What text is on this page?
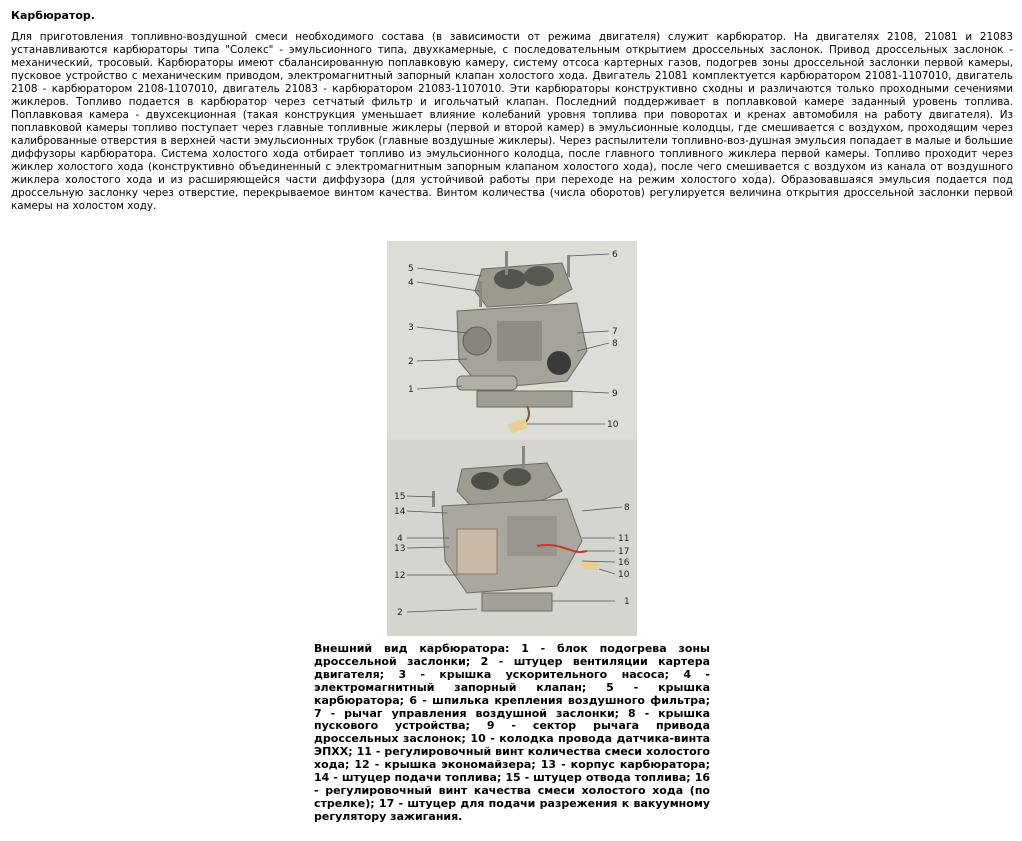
Карбюратор.

Для приготовления топливно-воздушной смеси необходимого состава (в зависимости от режима двигателя) служит карбюратор. На двигателях 2108, 21081 и 21083 устанавливаются карбюраторы типа "Солекс" - эмульсионного типа, двухкамерные, с последовательным открытием дроссельных заслонок. Привод дроссельных заслонок - механический, тросовый. Карбюраторы имеют сбалансированную поплавковую камеру, систему отсоса картерных газов, подогрев зоны дроссельной заслонки первой камеры, пусковое устройство с механическим приводом, электромагнитный запорный клапан холостого хода. Двигатель 21081 комплектуется карбюратором 21081-1107010, двигатель 2108 - карбюратором 2108-1107010, двигатель 21083 - карбюратором 21083-1107010. Эти карбюраторы конструктивно сходны и различаются только проходными сечениями жиклеров. Топливо подается в карбюратор через сетчатый фильтр и игольчатый клапан. Последний поддерживает в поплавковой камере заданный уровень топлива. Поплавковая камера - двухсекционная (такая конструкция уменьшает влияние колебаний уровня топлива при поворотах и кренах автомобиля на работу двигателя). Из поплавковой камеры топливо поступает через главные топливные жиклеры (первой и второй камер) в эмульсионные колодцы, где смешивается с воздухом, проходящим через калиброванные отверстия в верхней части эмульсионных трубок (главные воздушные жиклеры). Через распылители топливно-воз-душная эмульсия попадает в малые и большие диффузоры карбюратора. Система холостого хода отбирает топливо из эмульсионного колодца, после главного топливного жиклера первой камеры. Топливо проходит через жиклер холостого хода (конструктивно объединенный с электромагнитным запорным клапаном холостого хода), после чего смешивается с воздухом из канала от воздушного жиклера холостого хода и из расширяющейся части диффузора (для устойчивой работы при переходе на режим холостого хода). Образовавшаяся эмульсия подается под дроссельную заслонку через отверстие, перекрываемое винтом качества. Винтом количества (числа оборотов) регулируется величина открытия дроссельной заслонки первой камеры на холостом ходу.

5
4
3
2
1
6
7
8
9
10
15
14
4
13
12
2
8
11
17
16
10
1

Внешний вид карбюратора: 1 - блок подогрева зоны дроссельной заслонки; 2 - штуцер вентиляции картера двигателя; 3 - крышка ускорительного насоса; 4 - электромагнитный запорный клапан; 5 - крышка карбюратора; 6 - шпилька крепления воздушного фильтра; 7 - рычаг управления воздушной заслонки; 8 - крышка пускового устройства; 9 - сектор рычага привода дроссельных заслонок; 10 - колодка провода датчика-винта ЭПХХ; 11 - регулировочный винт количества смеси холостого хода; 12 - крышка экономайзера; 13 - корпус карбюратора; 14 - штуцер подачи топлива; 15 - штуцер отвода топлива; 16 - регулировочный винт качества смеси холостого хода (по стрелке); 17 - штуцер для подачи разрежения к вакуумному регулятору зажигания.
